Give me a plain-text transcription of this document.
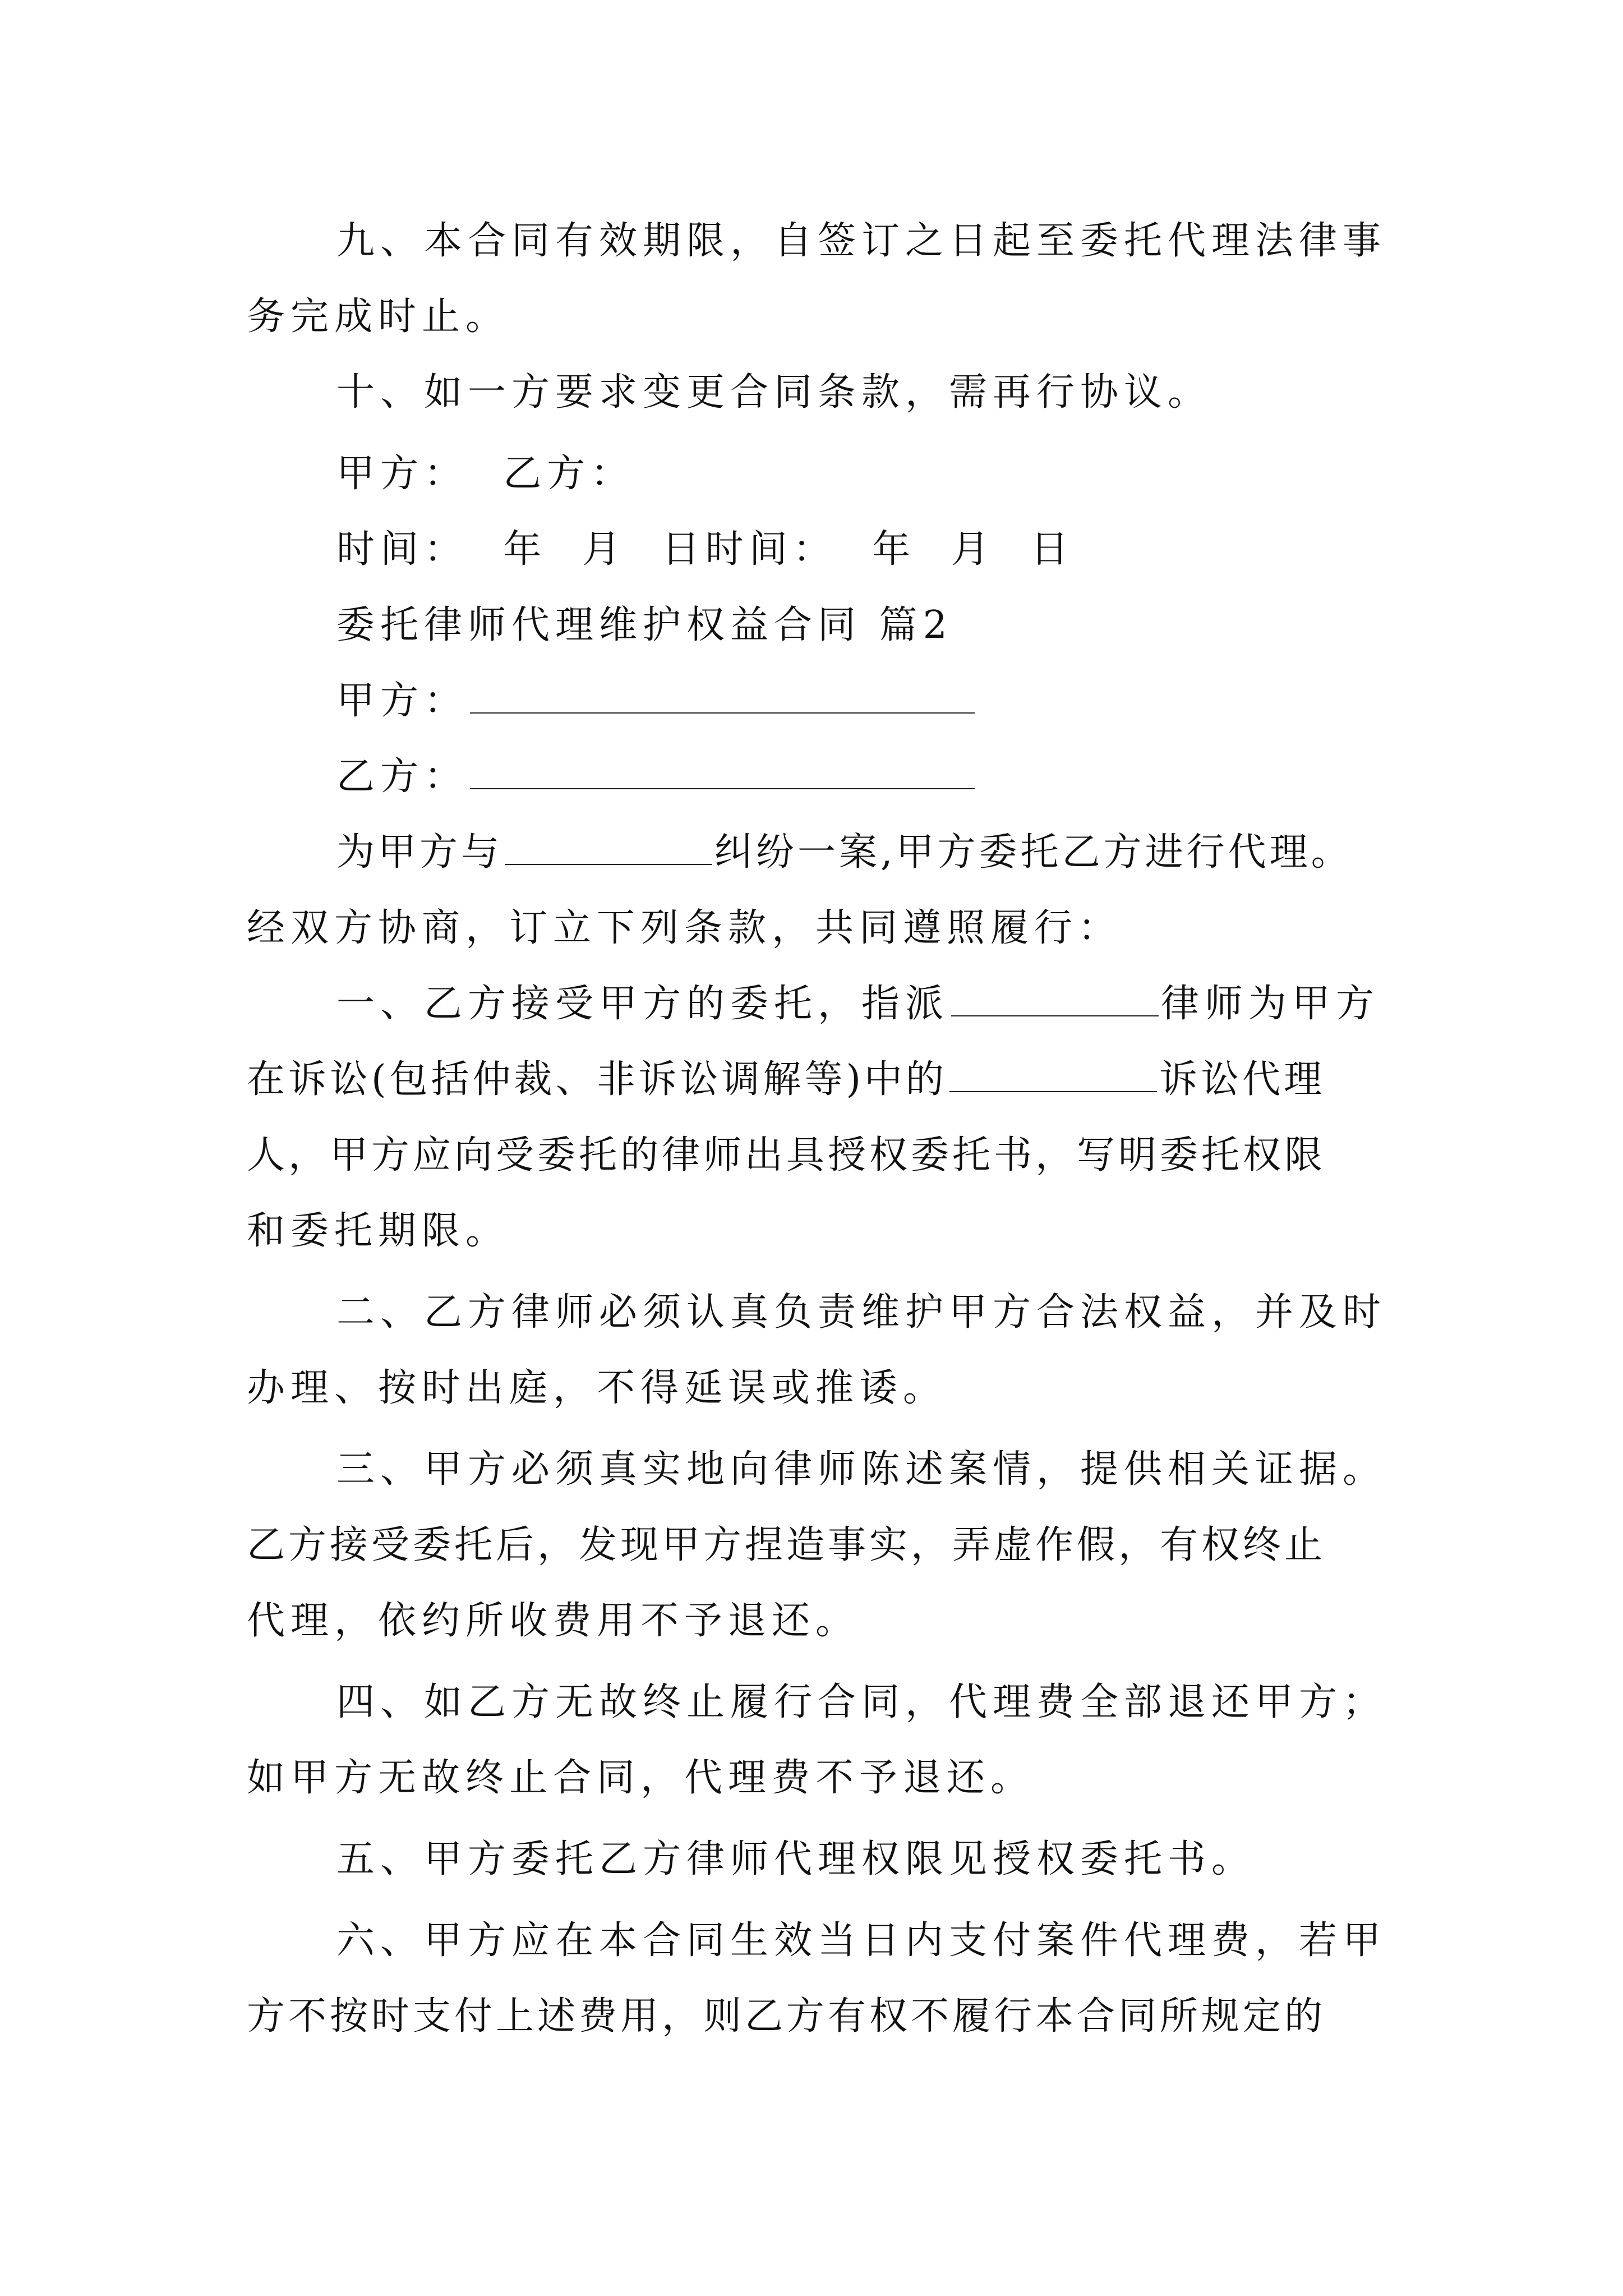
九、本合同有效期限，自签订之日起至委托代理法律事
务完成时止。
十、如一方要求变更合同条款，需再行协议。
甲方：  乙方：
时间：  年  月  日时间：  年  月  日
委托律师代理维护权益合同 篇2
甲方：
乙方：
为甲方与	纠纷一案,甲方委托乙方进行代理。
经双方协商，订立下列条款，共同遵照履行：
一、乙方接受甲方的委托，指派	律师为甲方
在诉讼(包括仲裁、非诉讼调解等)中的	诉讼代理
人，甲方应向受委托的律师出具授权委托书，写明委托权限
和委托期限。
二、乙方律师必须认真负责维护甲方合法权益，并及时
办理、按时出庭，不得延误或推诿。
三、甲方必须真实地向律师陈述案情，提供相关证据。
乙方接受委托后，发现甲方捏造事实，弄虚作假，有权终止
代理，依约所收费用不予退还。
四、如乙方无故终止履行合同，代理费全部退还甲方；
如甲方无故终止合同，代理费不予退还。
五、甲方委托乙方律师代理权限见授权委托书。
六、甲方应在本合同生效当日内支付案件代理费，若甲
方不按时支付上述费用，则乙方有权不履行本合同所规定的
